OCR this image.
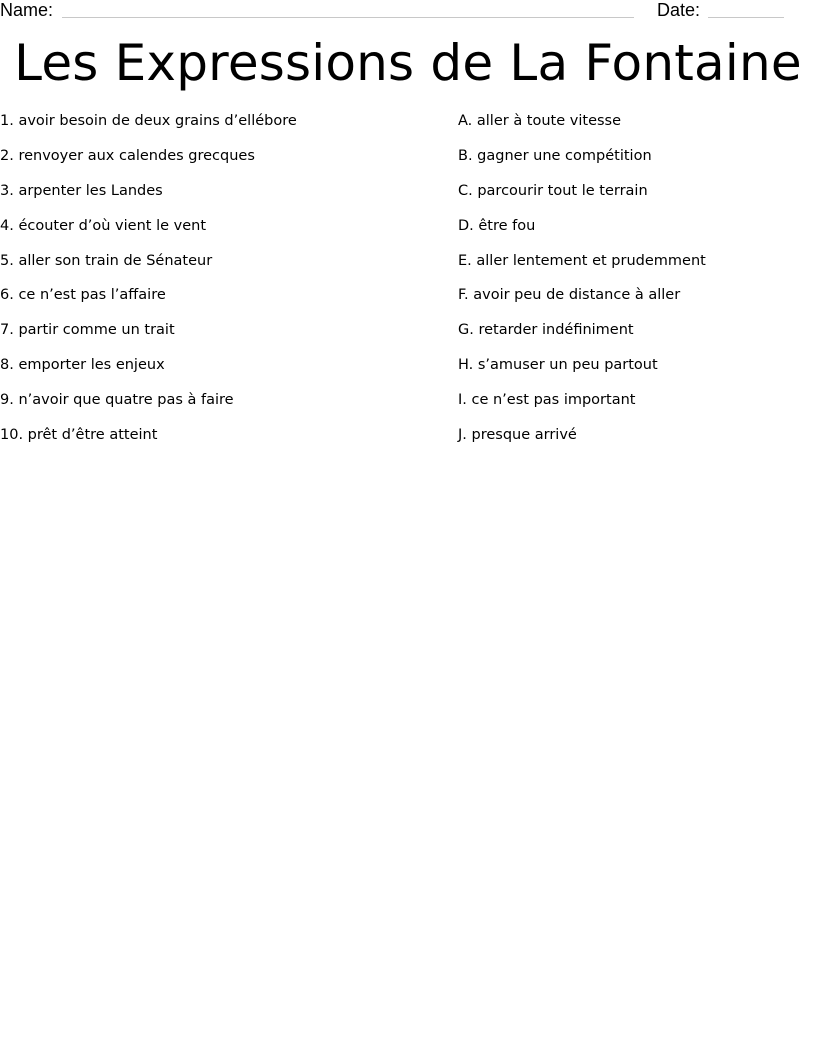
Name:	Date:
Les Expressions de La Fontaine
1. avoir besoin de deux grains d’ellébore
2. renvoyer aux calendes grecques
3. arpenter les Landes
4. écouter d’où vient le vent
5. aller son train de Sénateur
6. ce n’est pas l’affaire
7. partir comme un trait
8. emporter les enjeux
9. n’avoir que quatre pas à faire
10. prêt d’être atteint
A. aller à toute vitesse
B. gagner une compétition
C. parcourir tout le terrain
D. être fou
E. aller lentement et prudemment
F. avoir peu de distance à aller
G. retarder indéfiniment
H. s’amuser un peu partout
I. ce n’est pas important
J. presque arrivé
